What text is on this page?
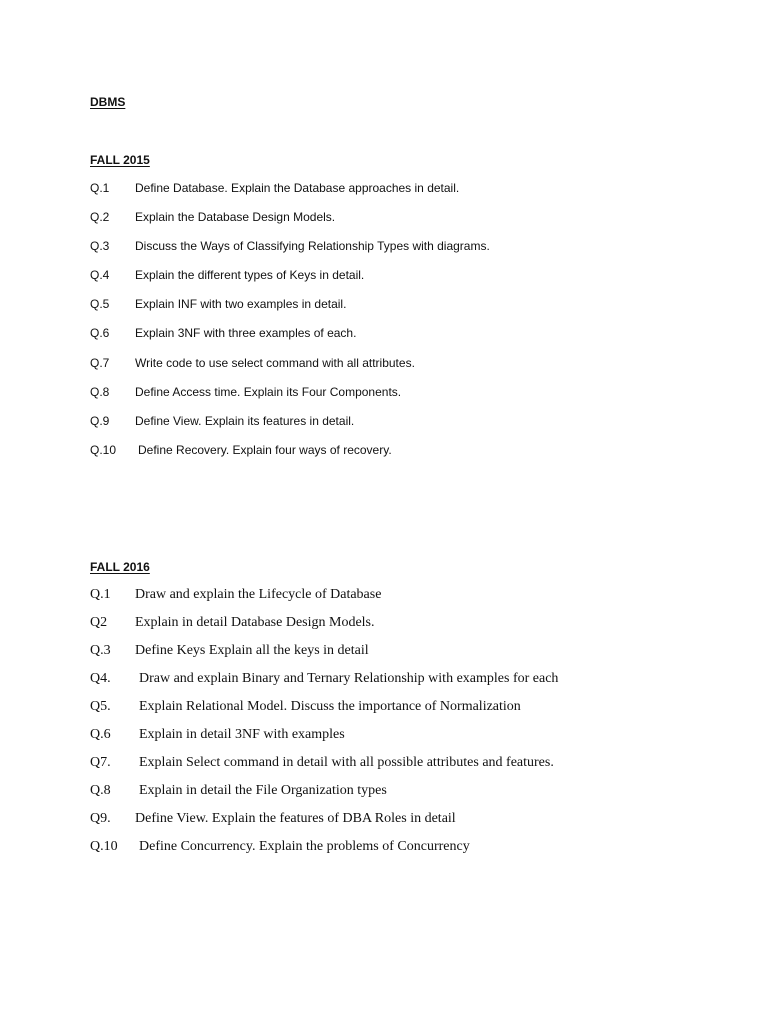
DBMS
FALL 2015
Q.1 Define Database. Explain the Database approaches in detail.
Q.2 Explain the Database Design Models.
Q.3 Discuss the Ways of Classifying Relationship Types with diagrams.
Q.4 Explain the different types of Keys in detail.
Q.5 Explain INF with two examples in detail.
Q.6 Explain 3NF with three examples of each.
Q.7 Write code to use select command with all attributes.
Q.8 Define Access time. Explain its Four Components.
Q.9 Define View. Explain its features in detail.
Q.10 Define Recovery. Explain four ways of recovery.
FALL 2016
Q.1 Draw and explain the Lifecycle of Database
Q2 Explain in detail Database Design Models.
Q.3 Define Keys Explain all the keys in detail
Q4. Draw and explain Binary and Ternary Relationship with examples for each
Q5. Explain Relational Model. Discuss the importance of Normalization
Q.6 Explain in detail 3NF with examples
Q7. Explain Select command in detail with all possible attributes and features.
Q.8 Explain in detail the File Organization types
Q9. Define View. Explain the features of DBA Roles in detail
Q.10 Define Concurrency. Explain the problems of Concurrency
